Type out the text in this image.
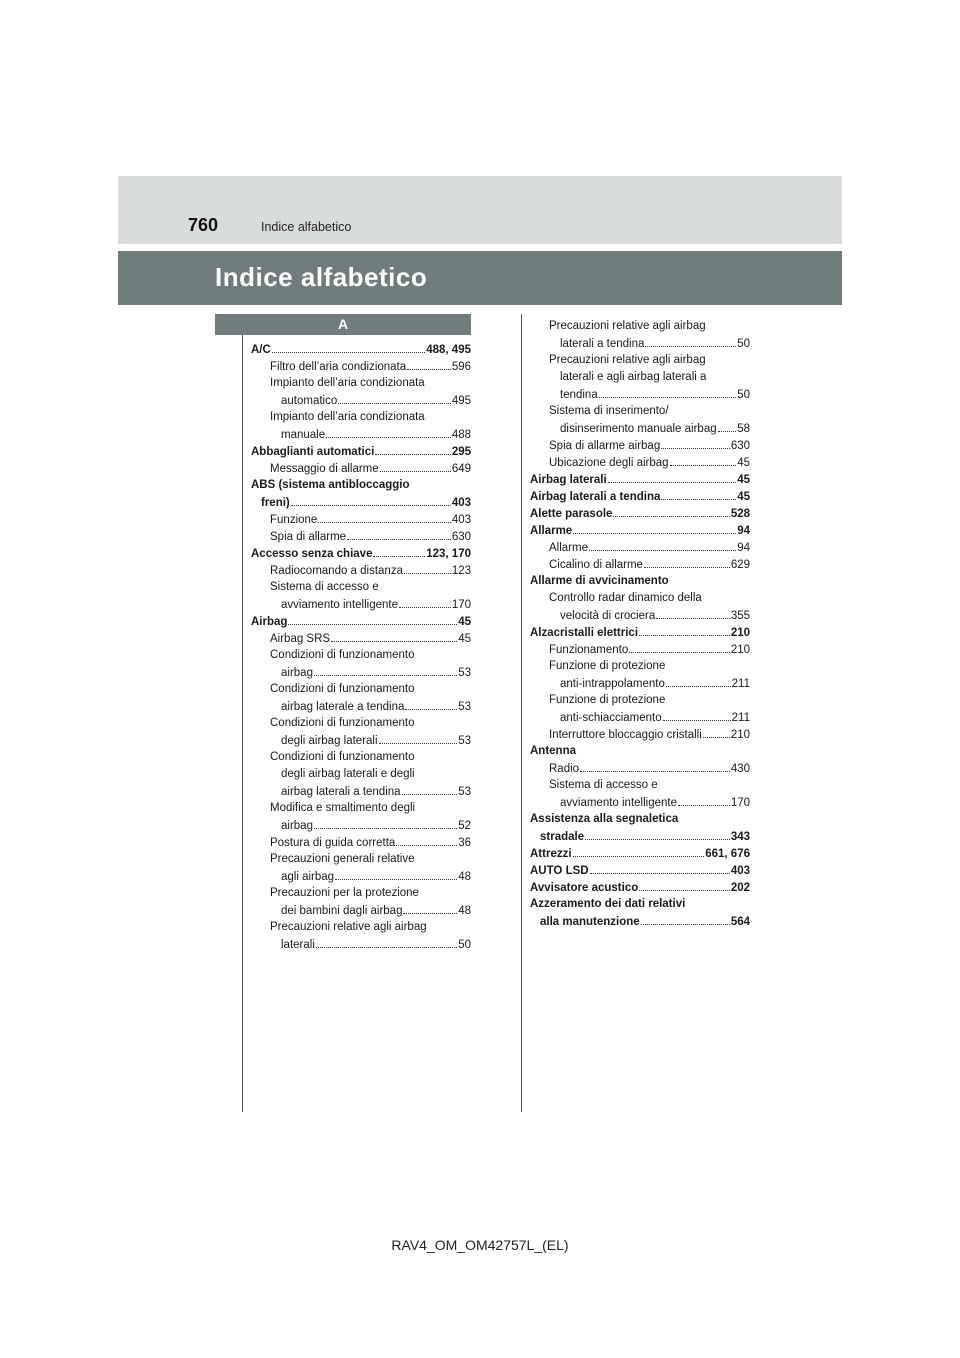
760	Indice alfabetico
Indice alfabetico
A
A/C	488, 495
Filtro dell’aria condizionata	596
Impianto dell’aria condizionata
automatico	495
Impianto dell’aria condizionata
manuale	488
Abbaglianti automatici	295
Messaggio di allarme	649
ABS (sistema antibloccaggio
freni)	403
Funzione	403
Spia di allarme	630
Accesso senza chiave	123, 170
Radiocomando a distanza	123
Sistema di accesso e
avviamento intelligente	170
Airbag	45
Airbag SRS	45
Condizioni di funzionamento
airbag	53
Condizioni di funzionamento
airbag laterale a tendina	53
Condizioni di funzionamento
degli airbag laterali	53
Condizioni di funzionamento
degli airbag laterali e degli
airbag laterali a tendina	53
Modifica e smaltimento degli
airbag	52
Postura di guida corretta	36
Precauzioni generali relative
agli airbag	48
Precauzioni per la protezione
dei bambini dagli airbag	48
Precauzioni relative agli airbag
laterali	50
Precauzioni relative agli airbag
laterali a tendina	50
Precauzioni relative agli airbag
laterali e agli airbag laterali a
tendina	50
Sistema di inserimento/
disinserimento manuale airbag 58
Spia di allarme airbag	630
Ubicazione degli airbag	45
Airbag laterali	45
Airbag laterali a tendina	45
Alette parasole	528
Allarme	94
Allarme	94
Cicalino di allarme	629
Allarme di avvicinamento
Controllo radar dinamico della
velocità di crociera	355
Alzacristalli elettrici	210
Funzionamento	210
Funzione di protezione
anti-intrappolamento	211
Funzione di protezione
anti-schiacciamento	211
Interruttore bloccaggio cristalli	210
Antenna
Radio	430
Sistema di accesso e
avviamento intelligente	170
Assistenza alla segnaletica
stradale	343
Attrezzi	661, 676
AUTO LSD	403
Avvisatore acustico	202
Azzeramento dei dati relativi
alla manutenzione	564
RAV4_OM_OM42757L_(EL)
